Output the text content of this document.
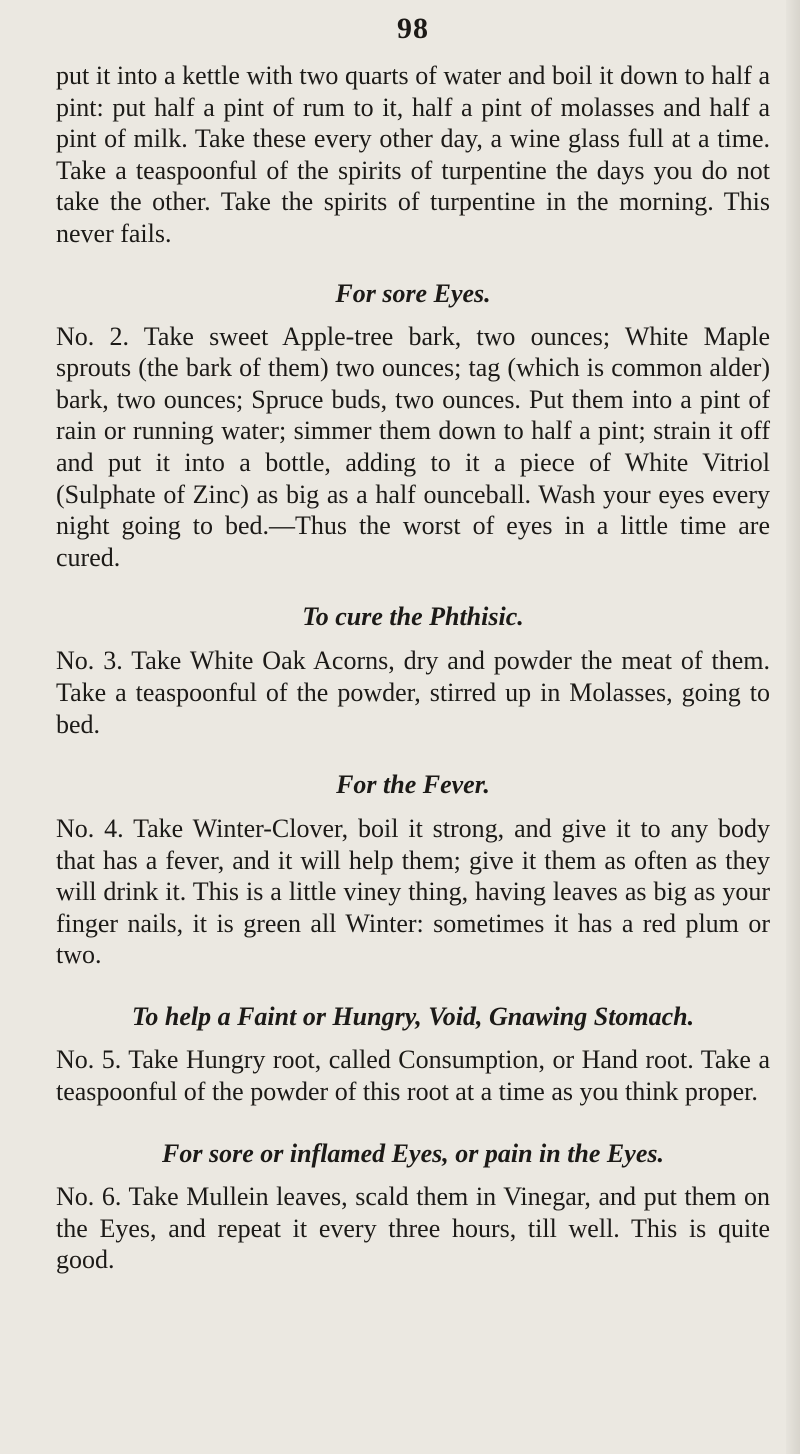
98

put it into a kettle with two quarts of water and boil it down to half a pint: put half a pint of rum to it, half a pint of molasses and half a pint of milk. Take these every other day, a wine glass full at a time. Take a teaspoonful of the spirits of turpentine the days you do not take the other. Take the spirits of turpentine in the morning. This never fails.

For sore Eyes.

No. 2. Take sweet Apple-tree bark, two ounces; White Maple sprouts (the bark of them) two ounces; tag (which is common alder) bark, two ounces; Spruce buds, two ounces. Put them into a pint of rain or running water; simmer them down to half a pint; strain it off and put it into a bottle, adding to it a piece of White Vitriol (Sulphate of Zinc) as big as a half ounceball. Wash your eyes every night going to bed.—Thus the worst of eyes in a little time are cured.

To cure the Phthisic.

No. 3. Take White Oak Acorns, dry and powder the meat of them. Take a teaspoonful of the powder, stirred up in Molasses, going to bed.

For the Fever.

No. 4. Take Winter-Clover, boil it strong, and give it to any body that has a fever, and it will help them; give it them as often as they will drink it. This is a little viney thing, having leaves as big as your finger nails, it is green all Winter: sometimes it has a red plum or two.

To help a Faint or Hungry, Void, Gnawing Stomach.

No. 5. Take Hungry root, called Consumption, or Hand root. Take a teaspoonful of the powder of this root at a time as you think proper.

For sore or inflamed Eyes, or pain in the Eyes.

No. 6. Take Mullein leaves, scald them in Vinegar, and put them on the Eyes, and repeat it every three hours, till well. This is quite good.
